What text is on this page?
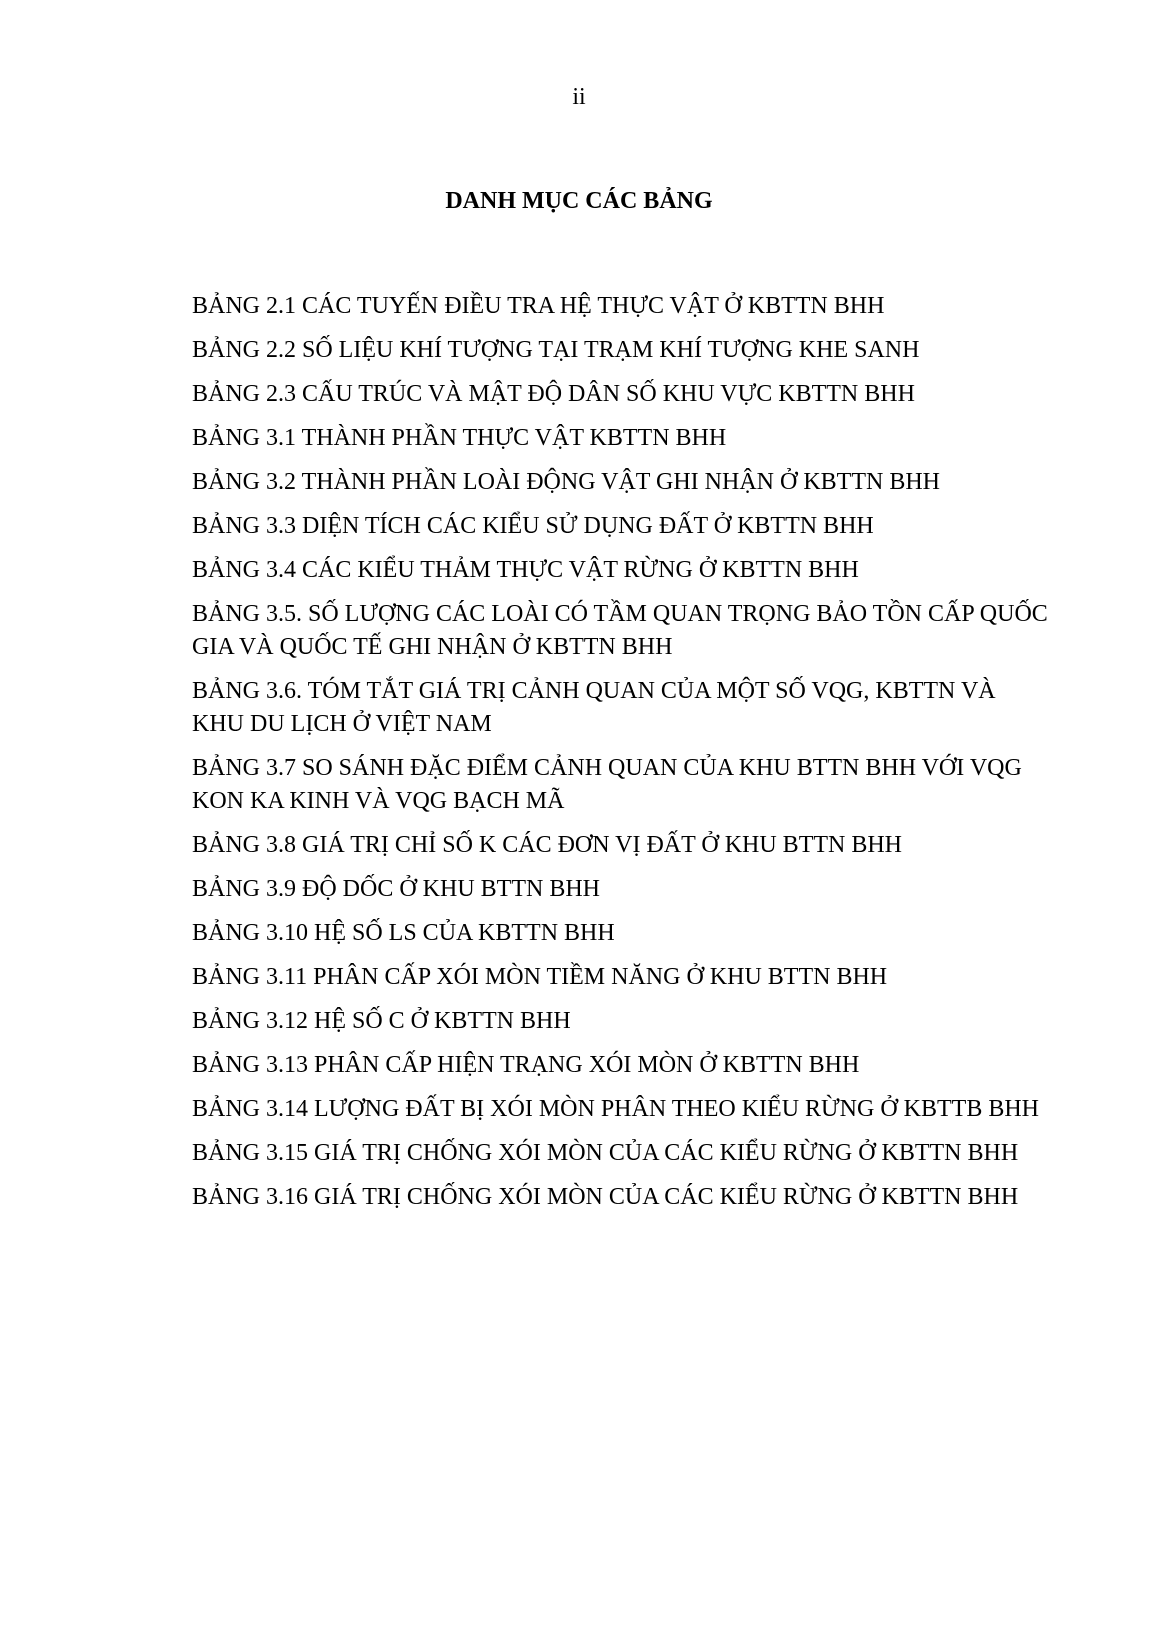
ii
DANH MỤC CÁC BẢNG
BẢNG 2.1 CÁC TUYẾN ĐIỀU TRA HỆ THỰC VẬT Ở KBTTN BHH
BẢNG 2.2 SỐ LIỆU KHÍ TƯỢNG TẠI TRẠM KHÍ TƯỢNG KHE SANH
BẢNG 2.3 CẤU TRÚC VÀ MẬT ĐỘ DÂN SỐ KHU VỰC KBTTN BHH
BẢNG 3.1 THÀNH PHẦN THỰC VẬT KBTTN BHH
BẢNG 3.2 THÀNH PHẦN LOÀI ĐỘNG VẬT GHI NHẬN Ở KBTTN BHH
BẢNG 3.3 DIỆN TÍCH CÁC KIỂU SỬ DỤNG ĐẤT Ở KBTTN BHH
BẢNG 3.4 CÁC KIỂU THẢM THỰC VẬT RỪNG Ở KBTTN BHH
BẢNG 3.5. SỐ LƯỢNG CÁC LOÀI CÓ TẦM QUAN TRỌNG BẢO TỒN CẤP QUỐC
GIA VÀ QUỐC TẾ GHI NHẬN Ở KBTTN BHH
BẢNG 3.6. TÓM TẮT GIÁ TRỊ CẢNH QUAN CỦA MỘT SỐ VQG, KBTTN VÀ
KHU DU LỊCH Ở VIỆT NAM
BẢNG 3.7 SO SÁNH ĐẶC ĐIỂM CẢNH QUAN CỦA KHU BTTN BHH VỚI VQG
KON KA KINH VÀ VQG BẠCH MÃ
BẢNG 3.8 GIÁ TRỊ CHỈ SỐ K CÁC ĐƠN VỊ ĐẤT Ở KHU BTTN BHH
BẢNG 3.9 ĐỘ DỐC Ở KHU BTTN BHH
BẢNG 3.10 HỆ SỐ LS CỦA KBTTN BHH
BẢNG 3.11 PHÂN CẤP XÓI MÒN TIỀM NĂNG Ở KHU BTTN BHH
BẢNG 3.12 HỆ SỐ C Ở KBTTN BHH
BẢNG 3.13 PHÂN CẤP HIỆN TRẠNG XÓI MÒN Ở KBTTN BHH
BẢNG 3.14 LƯỢNG ĐẤT BỊ XÓI MÒN PHÂN THEO KIỂU RỪNG Ở KBTTB BHH
BẢNG 3.15 GIÁ TRỊ CHỐNG XÓI MÒN CỦA CÁC KIỂU RỪNG Ở KBTTN BHH
BẢNG 3.16 GIÁ TRỊ CHỐNG XÓI MÒN CỦA CÁC KIỂU RỪNG Ở KBTTN BHH
